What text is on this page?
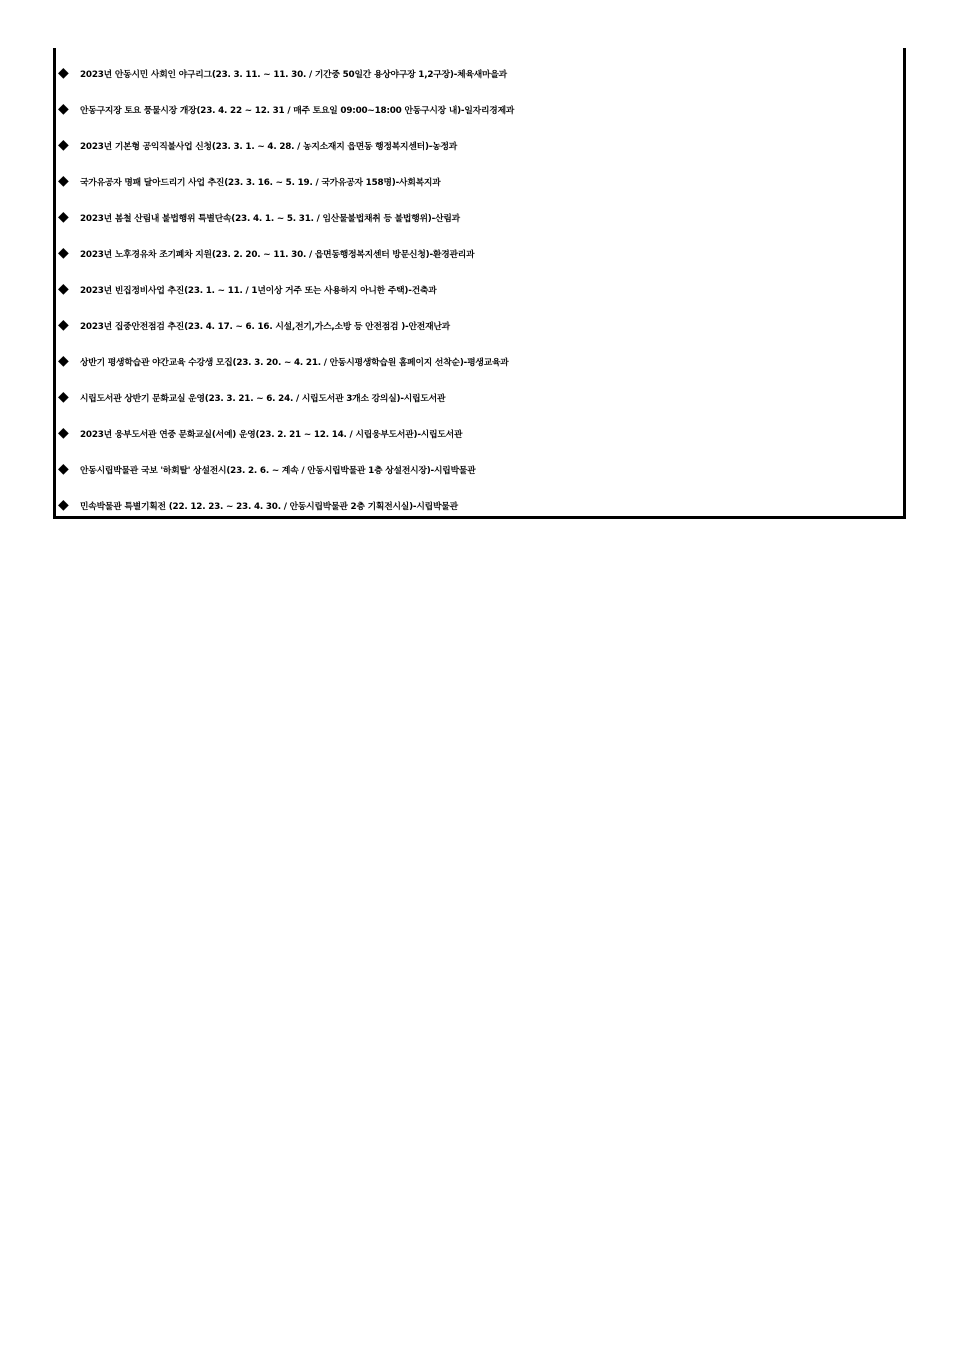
◆	2023년 안동시민 사회인 야구리그(23. 3. 11. ~ 11. 30. / 기간중 50일간 용상야구장 1,2구장)-체육새마을과
◆	안동구지장 토요 풍물시장 개장(23. 4. 22 ~ 12. 31 / 매주 토요일 09:00~18:00 안동구시장 내)-일자리경제과
◆	2023년 기본형 공익직불사업 신청(23. 3. 1. ~ 4. 28. / 농지소재지 읍면동 행정복지센터)-농정과
◆	국가유공자 명패 달아드리기 사업 추진(23. 3. 16. ~ 5. 19. / 국가유공자 158명)-사회복지과
◆	2023년 봄철 산림내 불법행위 특별단속(23. 4. 1. ~ 5. 31. / 임산물불법채취 등 불법행위)-산림과
◆	2023년 노후경유차 조기폐차 지원(23. 2. 20. ~ 11. 30. / 읍면동행정복지센터 방문신청)-환경관리과
◆	2023년 빈집정비사업 추진(23. 1. ~ 11. / 1년이상 거주 또는 사용하지 아니한 주택)-건축과
◆	2023년 집중안전점검 추진(23. 4. 17. ~ 6. 16. 시설,전기,가스,소방 등 안전점검 )-안전재난과
◆	상반기 평생학습관 야간교육 수강생 모집(23. 3. 20. ~ 4. 21. / 안동시평생학습원 홈페이지 선착순)-평생교육과
◆	시립도서관 상반기 문화교실 운영(23. 3. 21. ~ 6. 24. / 시립도서관 3개소 강의실)-시립도서관
◆	2023년 웅부도서관 연중 문화교실(서예) 운영(23. 2. 21 ~ 12. 14. / 시립웅부도서관)-시립도서관
◆	안동시립박물관 국보 '하회탈' 상설전시(23. 2. 6. ~ 계속 / 안동시립박물관 1층 상설전시장)-시립박물관
◆	민속박물관 특별기획전 (22. 12. 23. ~ 23. 4. 30. / 안동시립박물관 2층 기획전시실)-시립박물관
